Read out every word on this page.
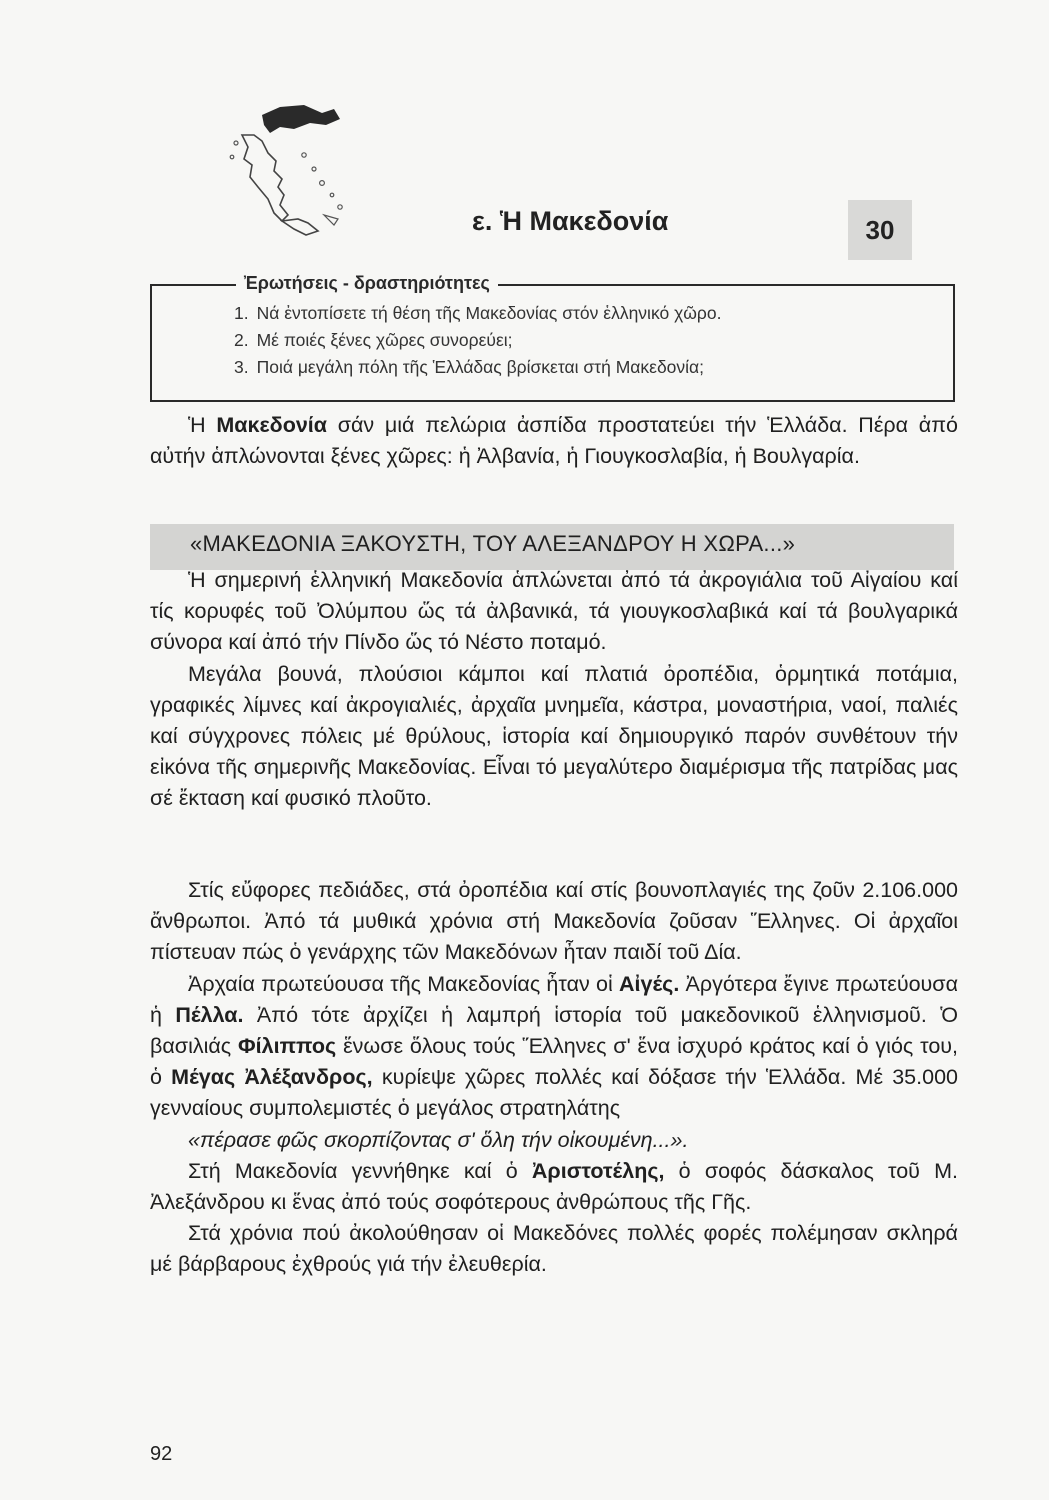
ε. Ἡ Μακεδονία	30
Ἐρωτήσεις - δραστηριότητες
1. Νά ἐντοπίσετε τή θέση τῆς Μακεδονίας στόν ἑλληνικό χῶρο.
2. Μέ ποιές ξένες χῶρες συνορεύει;
3. Ποιά μεγάλη πόλη τῆς Ἑλλάδας βρίσκεται στή Μακεδονία;

Ἡ Μακεδονία σάν μιά πελώρια ἀσπίδα προστατεύει τήν Ἑλλάδα. Πέρα ἀπό αὐτήν ἁπλώνονται ξένες χῶρες: ἡ Ἀλβανία, ἡ Γιουγκοσλαβία, ἡ Βουλγαρία.

«ΜΑΚΕΔΟΝΙΑ ΞΑΚΟΥΣΤΗ, ΤΟΥ ΑΛΕΞΑΝΔΡΟΥ Η ΧΩΡΑ...»

Ἡ σημερινή ἑλληνική Μακεδονία ἁπλώνεται ἀπό τά ἀκρογιάλια τοῦ Αἰγαίου καί τίς κορυφές τοῦ Ὀλύμπου ὥς τά ἀλβανικά, τά γιουγκοσλαβικά καί τά βουλγαρικά σύνορα καί ἀπό τήν Πίνδο ὥς τό Νέστο ποταμό.

Μεγάλα βουνά, πλούσιοι κάμποι καί πλατιά ὀροπέδια, ὁρμητικά ποτάμια, γραφικές λίμνες καί ἀκρογιαλιές, ἀρχαῖα μνημεῖα, κάστρα, μοναστήρια, ναοί, παλιές καί σύγχρονες πόλεις μέ θρύλους, ἱστορία καί δημιουργικό παρόν συνθέτουν τήν εἰκόνα τῆς σημερινῆς Μακεδονίας. Εἶναι τό μεγαλύτερο διαμέρισμα τῆς πατρίδας μας σέ ἔκταση καί φυσικό πλοῦτο.

Στίς εὔφορες πεδιάδες, στά ὀροπέδια καί στίς βουνοπλαγιές της ζοῦν 2.106.000 ἄνθρωποι. Ἀπό τά μυθικά χρόνια στή Μακεδονία ζοῦσαν Ἕλληνες. Οἱ ἀρχαῖοι πίστευαν πώς ὁ γενάρχης τῶν Μακεδόνων ἦταν παιδί τοῦ Δία.

Ἀρχαία πρωτεύουσα τῆς Μακεδονίας ἦταν οἱ Αἰγές. Ἀργότερα ἔγινε πρωτεύουσα ἡ Πέλλα. Ἀπό τότε ἀρχίζει ἡ λαμπρή ἱστορία τοῦ μακεδονικοῦ ἑλληνισμοῦ. Ὁ βασιλιάς Φίλιππος ἕνωσε ὅλους τούς Ἕλληνες σ' ἕνα ἰσχυρό κράτος καί ὁ γιός του, ὁ Μέγας Ἀλέξανδρος, κυρίεψε χῶρες πολλές καί δόξασε τήν Ἑλλάδα. Μέ 35.000 γενναίους συμπολεμιστές ὁ μεγάλος στρατηλάτης

«πέρασε φῶς σκορπίζοντας σ' ὅλη τήν οἰκουμένη...».

Στή Μακεδονία γεννήθηκε καί ὁ Ἀριστοτέλης, ὁ σοφός δάσκαλος τοῦ Μ. Ἀλεξάνδρου κι ἕνας ἀπό τούς σοφότερους ἀνθρώπους τῆς Γῆς.

Στά χρόνια πού ἀκολούθησαν οἱ Μακεδόνες πολλές φορές πολέμησαν σκληρά μέ βάρβαρους ἐχθρούς γιά τήν ἐλευθερία.

92
